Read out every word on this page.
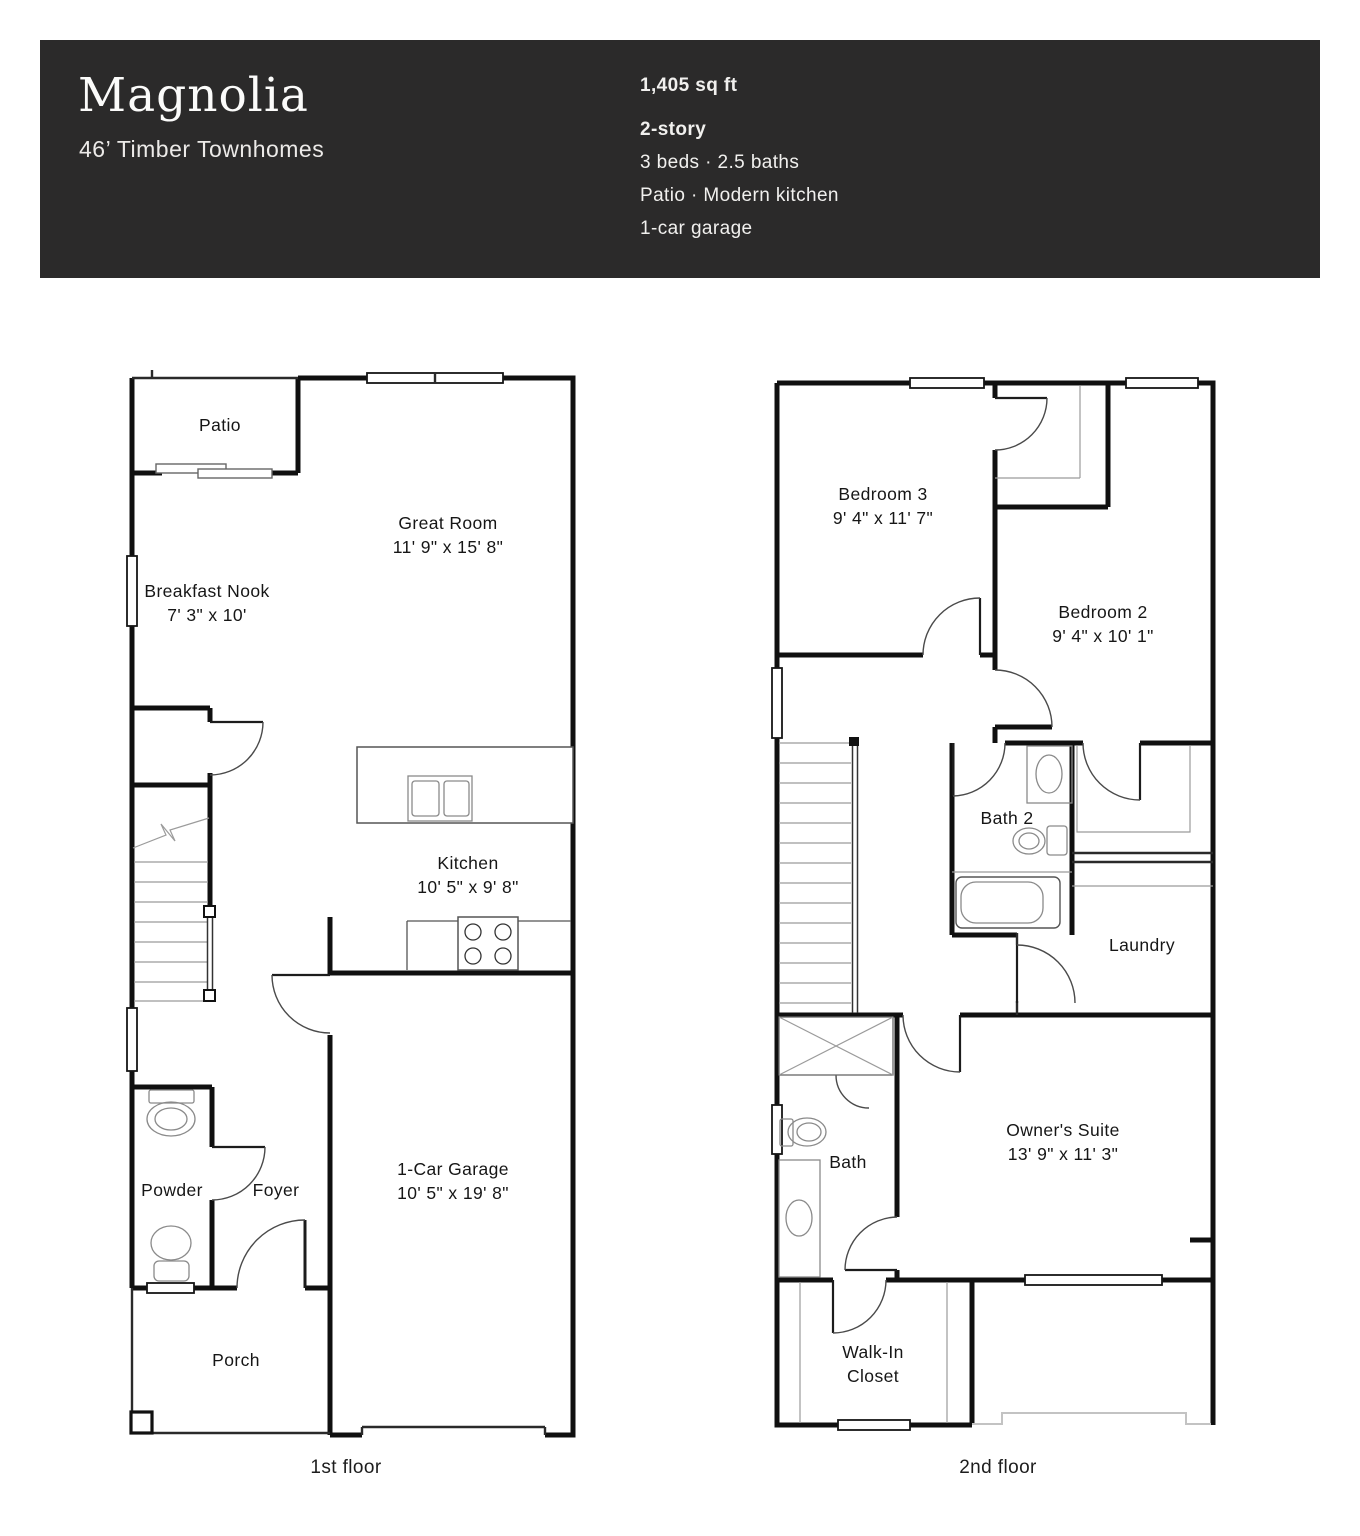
Magnolia
46’ Timber Townhomes
1,405 sq ft
2-story
3 beds · 2.5 baths
Patio · Modern kitchen
1-car garage
Patio
Great Room
11' 9" x 15' 8"
Breakfast Nook
7' 3" x 10'
Kitchen
10' 5" x 9' 8"
Powder	Foyer
1-Car Garage
10' 5" x 19' 8"
Porch
1st floor
Bedroom 3
9' 4" x 11' 7"
Bedroom 2
9' 4" x 10' 1"
Bath 2
Laundry
Bath
Owner's Suite
13' 9" x 11' 3"
Walk-In
Closet
2nd floor
